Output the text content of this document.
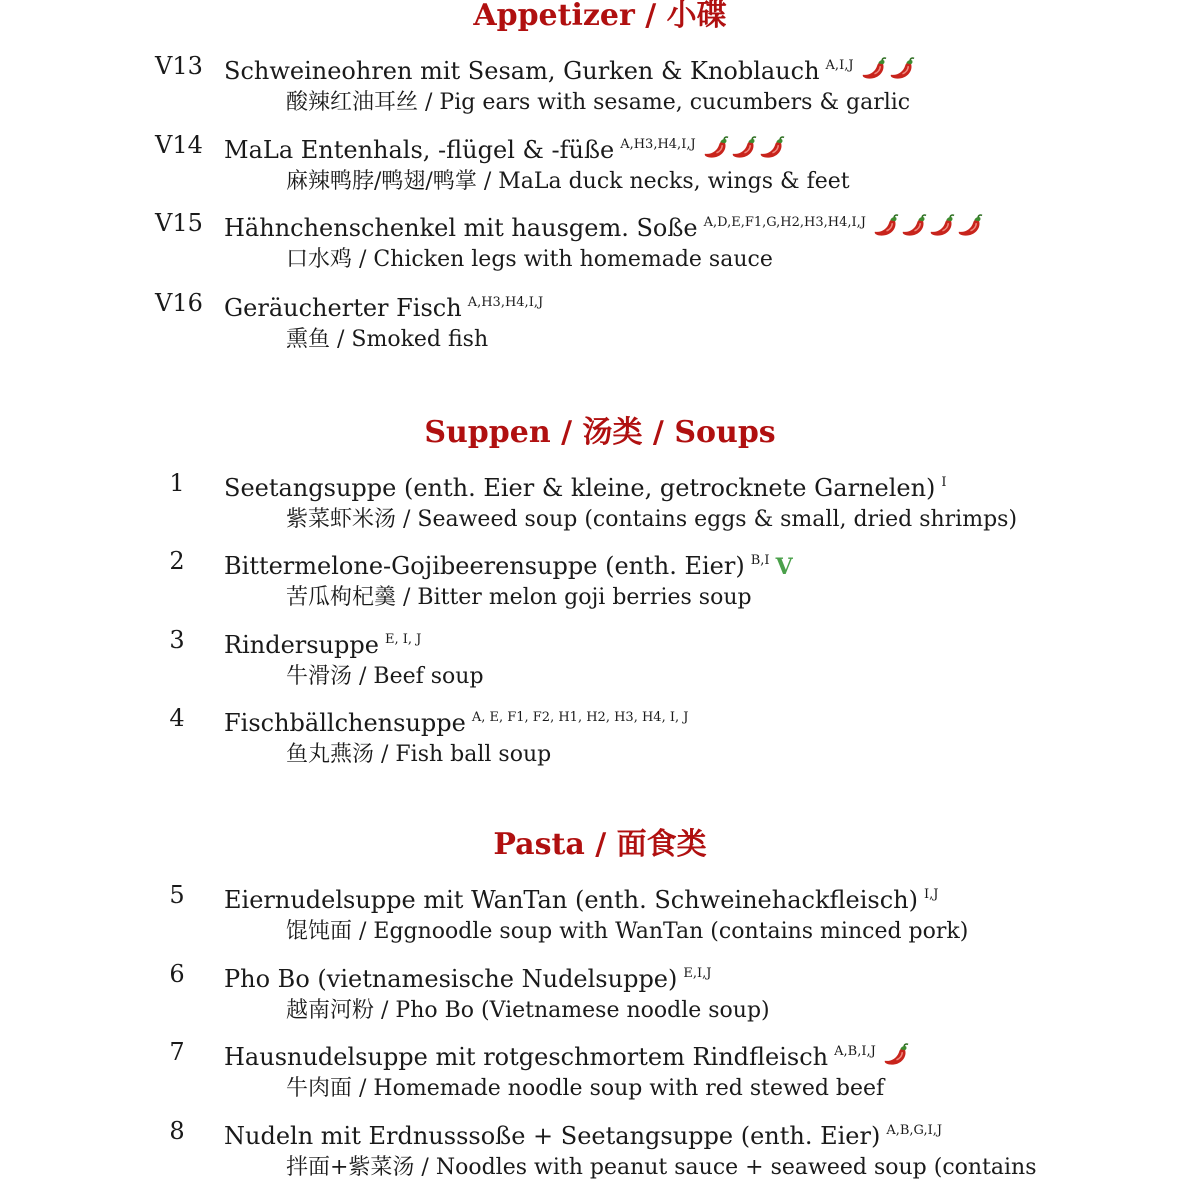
Appetizer / 小碟
V13 Schweineohren mit Sesam, Gurken & Knoblauch $^{A,I,J}$
酸辣红油耳丝 / Pig ears with sesame, cucumbers & garlic
V14 MaLa Entenhals, -flügel & -füße $^{A,H3,H4,I,J}$
麻辣鸭脖/鸭翅/鸭掌 / MaLa duck necks, wings & feet
V15 Hähnchenschenkel mit hausgem. Soße $^{A,D,E,F1,G,H2,H3,H4,I,J}$
口水鸡 / Chicken legs with homemade sauce
V16 Geräucherter Fisch $^{A,H3,H4,I,J}$
熏鱼 / Smoked fish
Suppen / 汤类 / Soups
1	Seetangsuppe (enth. Eier & kleine, getrocknete Garnelen) $^I$
紫菜虾米汤 / Seaweed soup (contains eggs & small, dried shrimps)
2	Bittermelone-Gojibeerensuppe (enth. Eier) $^{B,I}$ V
苦瓜枸杞羹 / Bitter melon goji berries soup
3	Rindersuppe $^{E, I, J}$
牛滑汤 / Beef soup
4	Fischbällchensuppe $^{A, E, F1, F2, H1, H2, H3, H4, I, J}$
鱼丸燕汤 / Fish ball soup
Pasta / 面食类
5	Eiernudelsuppe mit WanTan (enth. Schweinehackfleisch) $^{I,J}$
馄饨面 / Eggnoodle soup with WanTan (contains minced pork)
6	Pho Bo (vietnamesische Nudelsuppe) $^{E,I,J}$
越南河粉 / Pho Bo (Vietnamese noodle soup)
7	Hausnudelsuppe mit rotgeschmortem Rindfleisch $^{A,B,I,J}$
牛肉面 / Homemade noodle soup with red stewed beef
8	Nudeln mit Erdnusssoße + Seetangsuppe (enth. Eier) $^{A,B,G,I,J}$
拌面+紫菜汤 / Noodles with peanut sauce + seaweed soup (contains
